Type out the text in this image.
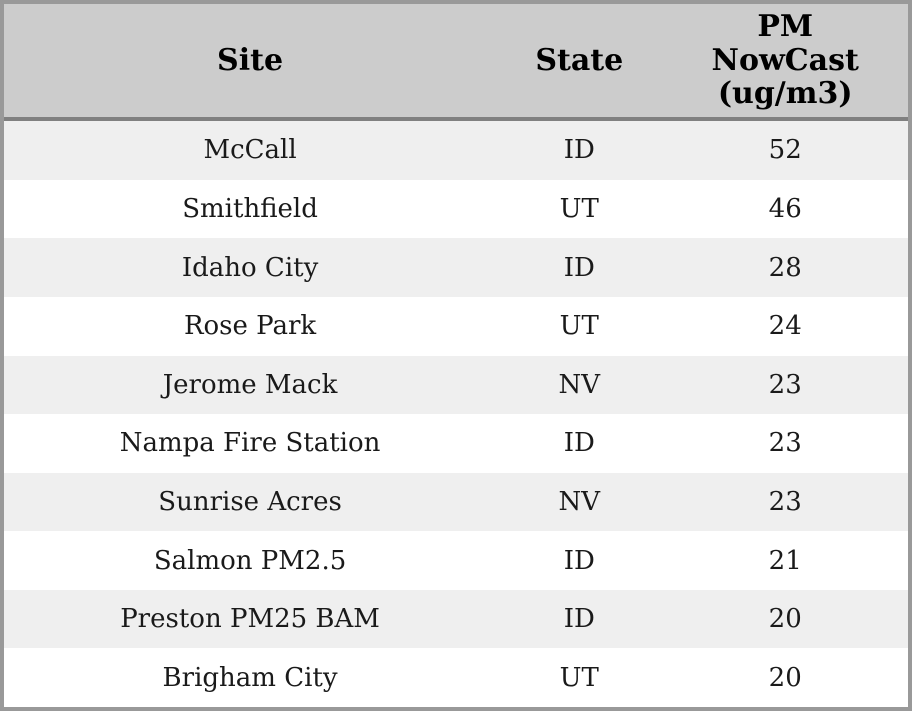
Site	State	PM
NowCast
(ug/m3)

McCall	ID	52
Smithfield	UT	46
Idaho City	ID	28
Rose Park	UT	24
Jerome Mack	NV	23
Nampa Fire Station	ID	23
Sunrise Acres	NV	23
Salmon PM2.5	ID	21
Preston PM25 BAM	ID	20
Brigham City	UT	20
